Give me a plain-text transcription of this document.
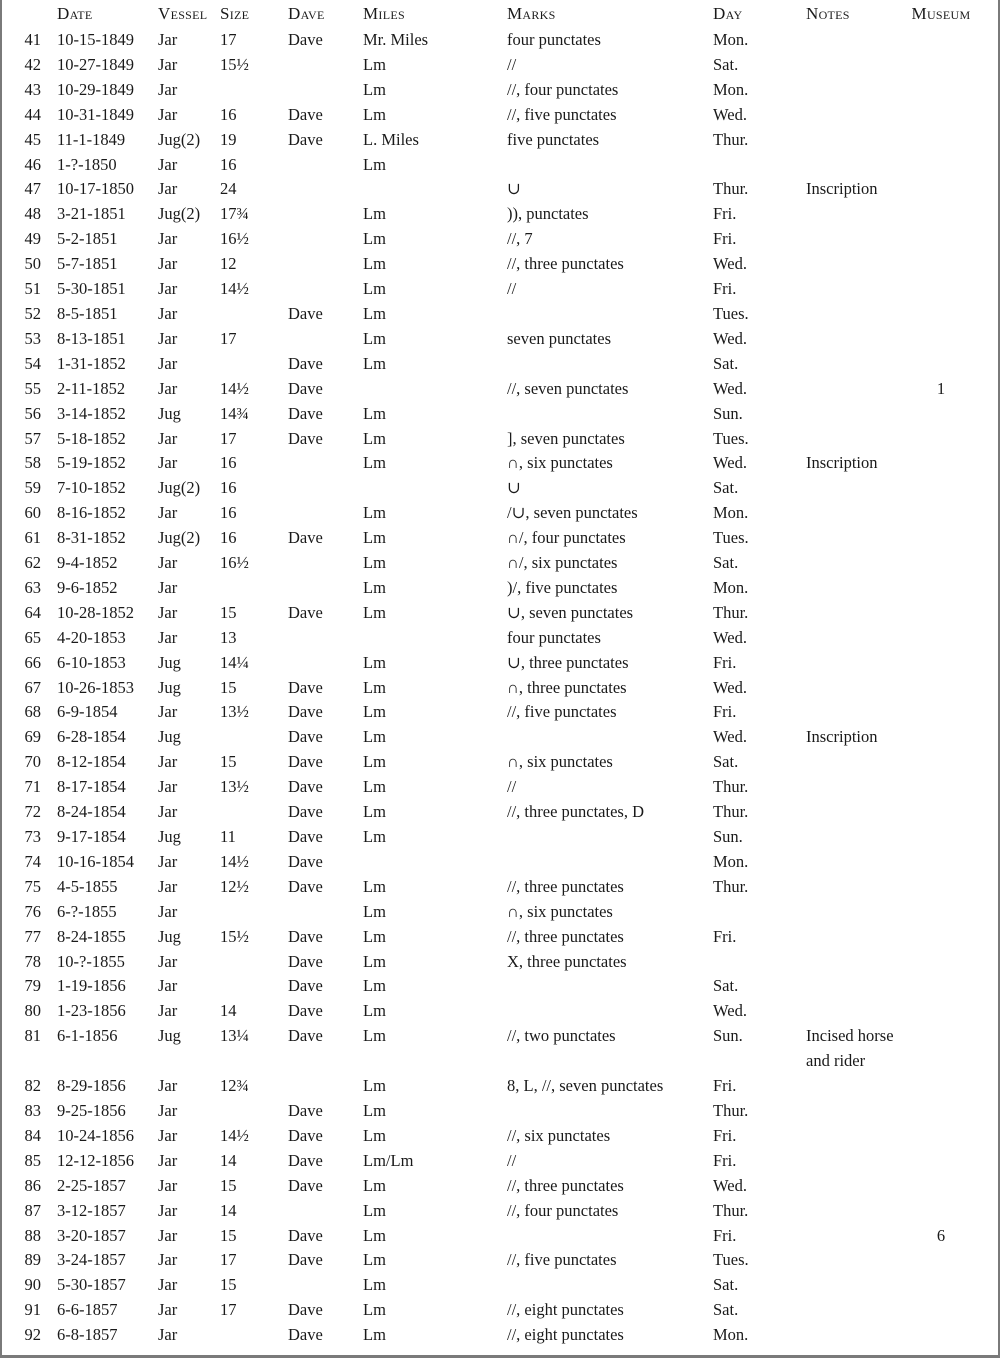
	Date	Vessel	Size	Dave	Miles	Marks	Day	Notes	Museum
41	10-15-1849	Jar	17	Dave	Mr. Miles	four punctates	Mon.		
42	10-27-1849	Jar	15½		Lm	//	Sat.		
43	10-29-1849	Jar			Lm	//, four punctates	Mon.		
44	10-31-1849	Jar	16	Dave	Lm	//, five punctates	Wed.		
45	11-1-1849	Jug(2)	19	Dave	L. Miles	five punctates	Thur.		
46	1-?-1850	Jar	16		Lm				
47	10-17-1850	Jar	24			∪	Thur.	Inscription	
48	3-21-1851	Jug(2)	17¾		Lm	)), punctates	Fri.		
49	5-2-1851	Jar	16½		Lm	//, 7	Fri.		
50	5-7-1851	Jar	12		Lm	//, three punctates	Wed.		
51	5-30-1851	Jar	14½		Lm	//	Fri.		
52	8-5-1851	Jar		Dave	Lm		Tues.		
53	8-13-1851	Jar	17		Lm	seven punctates	Wed.		
54	1-31-1852	Jar		Dave	Lm		Sat.		
55	2-11-1852	Jar	14½	Dave		//, seven punctates	Wed.		1
56	3-14-1852	Jug	14¾	Dave	Lm		Sun.		
57	5-18-1852	Jar	17	Dave	Lm	], seven punctates	Tues.		
58	5-19-1852	Jar	16		Lm	∩, six punctates	Wed.	Inscription	
59	7-10-1852	Jug(2)	16			∪	Sat.		
60	8-16-1852	Jar	16		Lm	/∪, seven punctates	Mon.		
61	8-31-1852	Jug(2)	16	Dave	Lm	∩/, four punctates	Tues.		
62	9-4-1852	Jar	16½		Lm	∩/, six punctates	Sat.		
63	9-6-1852	Jar			Lm	)/, five punctates	Mon.		
64	10-28-1852	Jar	15	Dave	Lm	∪, seven punctates	Thur.		
65	4-20-1853	Jar	13			four punctates	Wed.		
66	6-10-1853	Jug	14¼		Lm	∪, three punctates	Fri.		
67	10-26-1853	Jug	15	Dave	Lm	∩, three punctates	Wed.		
68	6-9-1854	Jar	13½	Dave	Lm	//, five punctates	Fri.		
69	6-28-1854	Jug		Dave	Lm		Wed.	Inscription	
70	8-12-1854	Jar	15	Dave	Lm	∩, six punctates	Sat.		
71	8-17-1854	Jar	13½	Dave	Lm	//	Thur.		
72	8-24-1854	Jar		Dave	Lm	//, three punctates, D	Thur.		
73	9-17-1854	Jug	11	Dave	Lm		Sun.		
74	10-16-1854	Jar	14½	Dave			Mon.		
75	4-5-1855	Jar	12½	Dave	Lm	//, three punctates	Thur.		
76	6-?-1855	Jar			Lm	∩, six punctates			
77	8-24-1855	Jug	15½	Dave	Lm	//, three punctates	Fri.		
78	10-?-1855	Jar		Dave	Lm	X, three punctates			
79	1-19-1856	Jar		Dave	Lm		Sat.		
80	1-23-1856	Jar	14	Dave	Lm		Wed.		
81	6-1-1856	Jug	13¼	Dave	Lm	//, two punctates	Sun.	Incised horse and rider	
82	8-29-1856	Jar	12¾		Lm	8, L, //, seven punctates	Fri.		
83	9-25-1856	Jar		Dave	Lm		Thur.		
84	10-24-1856	Jar	14½	Dave	Lm	//, six punctates	Fri.		
85	12-12-1856	Jar	14	Dave	Lm/Lm	//	Fri.		
86	2-25-1857	Jar	15	Dave	Lm	//, three punctates	Wed.		
87	3-12-1857	Jar	14		Lm	//, four punctates	Thur.		
88	3-20-1857	Jar	15	Dave	Lm		Fri.		6
89	3-24-1857	Jar	17	Dave	Lm	//, five punctates	Tues.		
90	5-30-1857	Jar	15		Lm		Sat.		
91	6-6-1857	Jar	17	Dave	Lm	//, eight punctates	Sat.		
92	6-8-1857	Jar		Dave	Lm	//, eight punctates	Mon.		
